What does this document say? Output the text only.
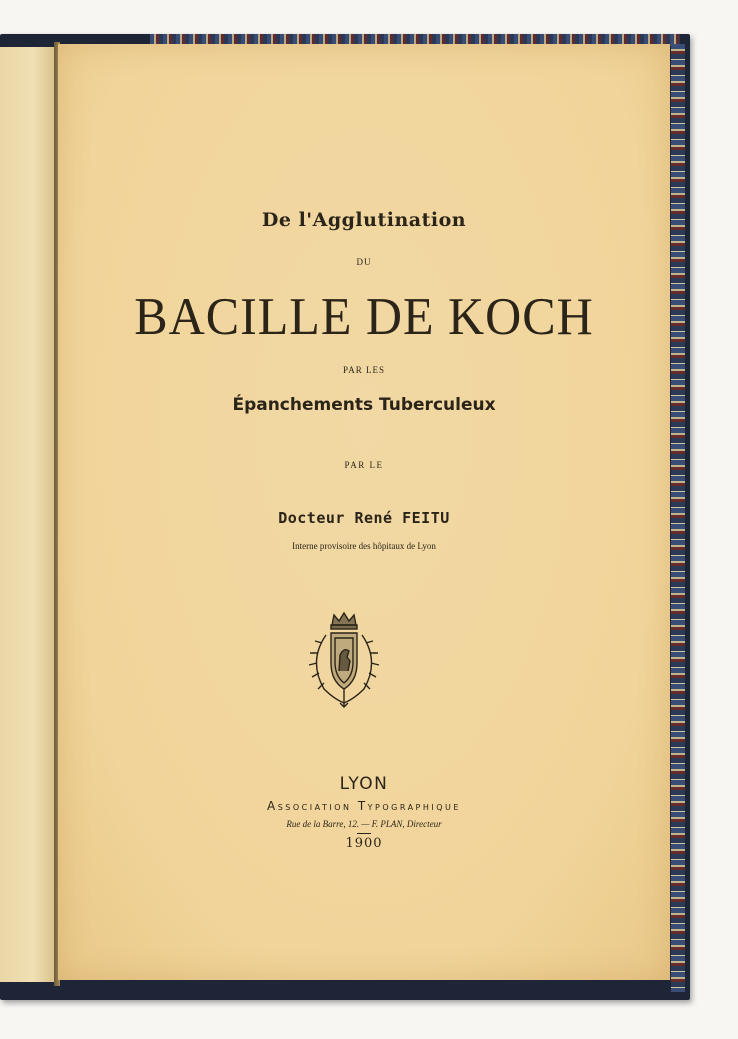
De l'Agglutination
DU
BACILLE DE KOCH
PAR LES
Épanchements Tuberculeux
PAR LE
Docteur René FEITU
Interne provisoire des hôpitaux de Lyon
LYON
Association Typographique
Rue de la Barre, 12. — F. PLAN, Directeur
1900
